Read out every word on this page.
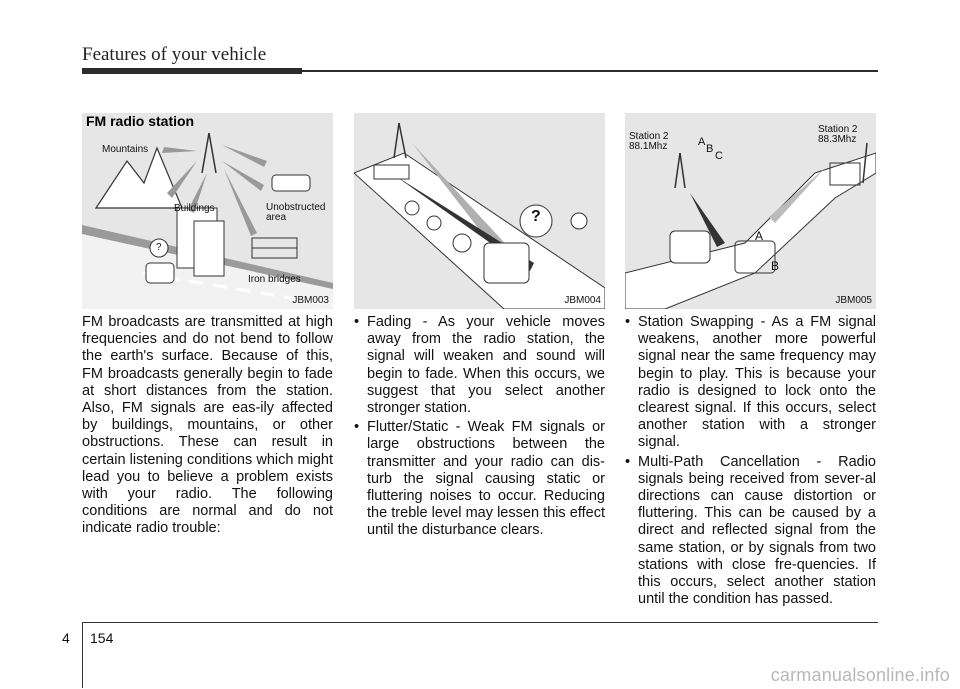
Features of your vehicle
FM radio station
Mountains
Buildings	Unobstructed
area
Iron bridges
?
JBM003
?
JBM004
Station 2
88.1Mhz
Station 2
88.3Mhz
A
B
C
A
B
JBM005
FM broadcasts are transmitted at high frequencies and do not bend to follow the earth's surface. Because of this, FM broadcasts generally begin to fade at short distances from the station. Also, FM signals are eas-ily affected by buildings, mountains, or other obstructions. These can result in certain listening conditions which might lead you to believe a problem exists with your radio. The following conditions are normal and do not indicate radio trouble:
• Fading - As your vehicle moves away from the radio station, the signal will weaken and sound will begin to fade. When this occurs, we suggest that you select another stronger station.
• Flutter/Static - Weak FM signals or large obstructions between the transmitter and your radio can dis-turb the signal causing static or fluttering noises to occur. Reducing the treble level may lessen this effect until the disturbance clears.
• Station Swapping - As a FM signal weakens, another more powerful signal near the same frequency may begin to play. This is because your radio is designed to lock onto the clearest signal. If this occurs, select another station with a stronger signal.
• Multi-Path Cancellation - Radio signals being received from sever-al directions can cause distortion or fluttering. This can be caused by a direct and reflected signal from the same station, or by signals from two stations with close fre-quencies. If this occurs, select another station until the condition has passed.
4 154
carmanualsonline.info
